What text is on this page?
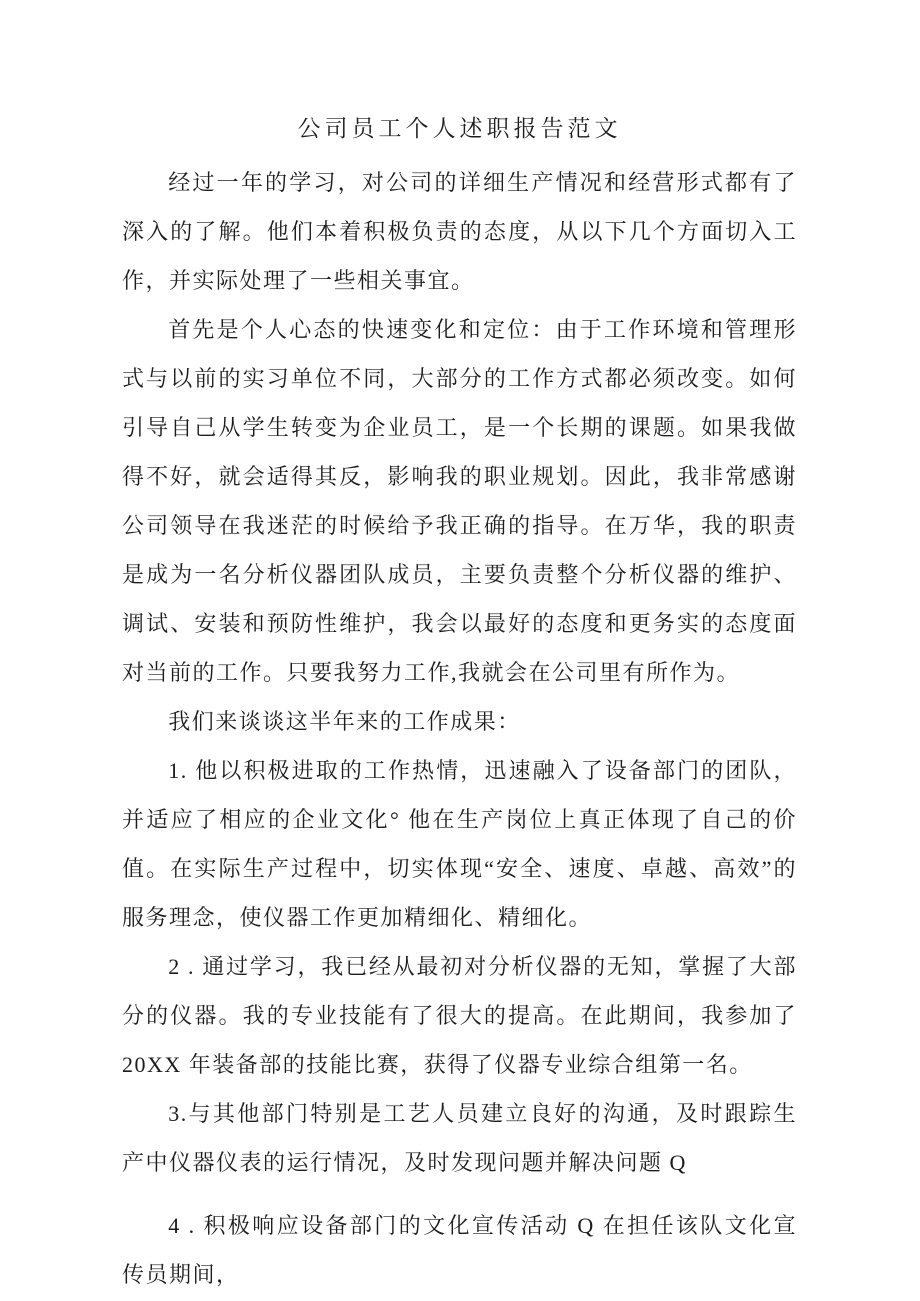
公司员工个人述职报告范文

经过一年的学习，对公司的详细生产情况和经营形式都有了深入的了解。他们本着积极负责的态度，从以下几个方面切入工作，并实际处理了一些相关事宜。

首先是个人心态的快速变化和定位：由于工作环境和管理形式与以前的实习单位不同，大部分的工作方式都必须改变。如何引导自己从学生转变为企业员工，是一个长期的课题。如果我做得不好，就会适得其反，影响我的职业规划。因此，我非常感谢公司领导在我迷茫的时候给予我正确的指导。在万华，我的职责是成为一名分析仪器团队成员，主要负责整个分析仪器的维护、调试、安装和预防性维护，我会以最好的态度和更务实的态度面对当前的工作。只要我努力工作,我就会在公司里有所作为。

我们来谈谈这半年来的工作成果：

1. 他以积极进取的工作热情，迅速融入了设备部门的团队，并适应了相应的企业文化° 他在生产岗位上真正体现了自己的价值。在实际生产过程中，切实体现“安全、速度、卓越、高效”的服务理念，使仪器工作更加精细化、精细化。

2 . 通过学习，我已经从最初对分析仪器的无知，掌握了大部分的仪器。我的专业技能有了很大的提高。在此期间，我参加了 20XX 年装备部的技能比赛，获得了仪器专业综合组第一名。

3.与其他部门特别是工艺人员建立良好的沟通，及时跟踪生产中仪器仪表的运行情况，及时发现问题并解决问题 Q

4 . 积极响应设备部门的文化宣传活动 Q 在担任该队文化宣传员期间，
